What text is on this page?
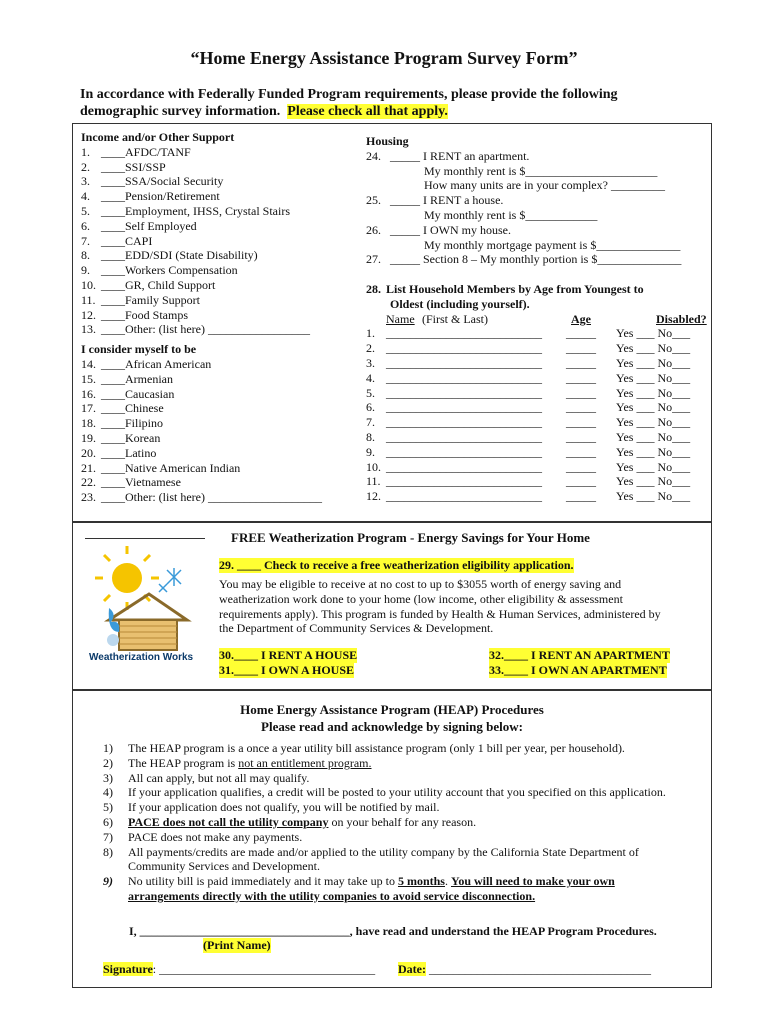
“Home Energy Assistance Program Survey Form”
In accordance with Federally Funded Program requirements, please provide the following
demographic survey information. Please check all that apply.
Income and/or Other Support
1. ____AFDC/TANF
2. ____SSI/SSP
3. ____SSA/Social Security
4. ____Pension/Retirement
5. ____Employment, IHSS, Crystal Stairs
6. ____Self Employed
7. ____CAPI
8. ____EDD/SDI (State Disability)
9. ____Workers Compensation
10. ____GR, Child Support
11. ____Family Support
12. ____Food Stamps
13. ____Other: (list here) _________________
I consider myself to be
14. ____African American
15. ____Armenian
16. ____Caucasian
17. ____Chinese
18. ____Filipino
19. ____Korean
20. ____Latino
21. ____Native American Indian
22. ____Vietnamese
23. ____Other: (list here) ___________________
Housing
24. _____ I RENT an apartment.
My monthly rent is $______________________
How many units are in your complex? _________
25. _____ I RENT a house.
My monthly rent is $____________
26. _____ I OWN my house.
My monthly mortgage payment is $______________
27. _____ Section 8 – My monthly portion is $______________
28. List Household Members by Age from Youngest to
Oldest (including yourself).
Name (First & Last)	Age	Disabled?
1. __________________________ _____ Yes ___ No___
2. __________________________ _____ Yes ___ No___
3. __________________________ _____ Yes ___ No___
4. __________________________ _____ Yes ___ No___
5. __________________________ _____ Yes ___ No___
6. __________________________ _____ Yes ___ No___
7. __________________________ _____ Yes ___ No___
8. __________________________ _____ Yes ___ No___
9. __________________________ _____ Yes ___ No___
10. __________________________ _____ Yes ___ No___
11. __________________________ _____ Yes ___ No___
12. __________________________ _____ Yes ___ No___
Weatherization Works
FREE Weatherization Program - Energy Savings for Your Home
29. ____ Check to receive a free weatherization eligibility application.
You may be eligible to receive at no cost to up to $3055 worth of energy saving and
weatherization work done to your home (low income, other eligibility & assessment
requirements apply). This program is funded by Health & Human Services, administered by
the Department of Community Services & Development.
30.____ I RENT A HOUSE
31.____ I OWN A HOUSE
32.____ I RENT AN APARTMENT
33.____ I OWN AN APARTMENT
Home Energy Assistance Program (HEAP) Procedures
Please read and acknowledge by signing below:
1) The HEAP program is a once a year utility bill assistance program (only 1 bill per year, per household).
2) The HEAP program is not an entitlement program.
3) All can apply, but not all may qualify.
4) If your application qualifies, a credit will be posted to your utility account that you specified on this application.
5) If your application does not qualify, you will be notified by mail.
6) PACE does not call the utility company on your behalf for any reason.
7) PACE does not make any payments.
8) All payments/credits are made and/or applied to the utility company by the California State Department of
Community Services and Development.
9) No utility bill is paid immediately and it may take up to 5 months. You will need to make your own
arrangements directly with the utility companies to avoid service disconnection.
I, ___________________________________, have read and understand the HEAP Program Procedures.
(Print Name)
Signature: ____________________________________ Date: _____________________________________
